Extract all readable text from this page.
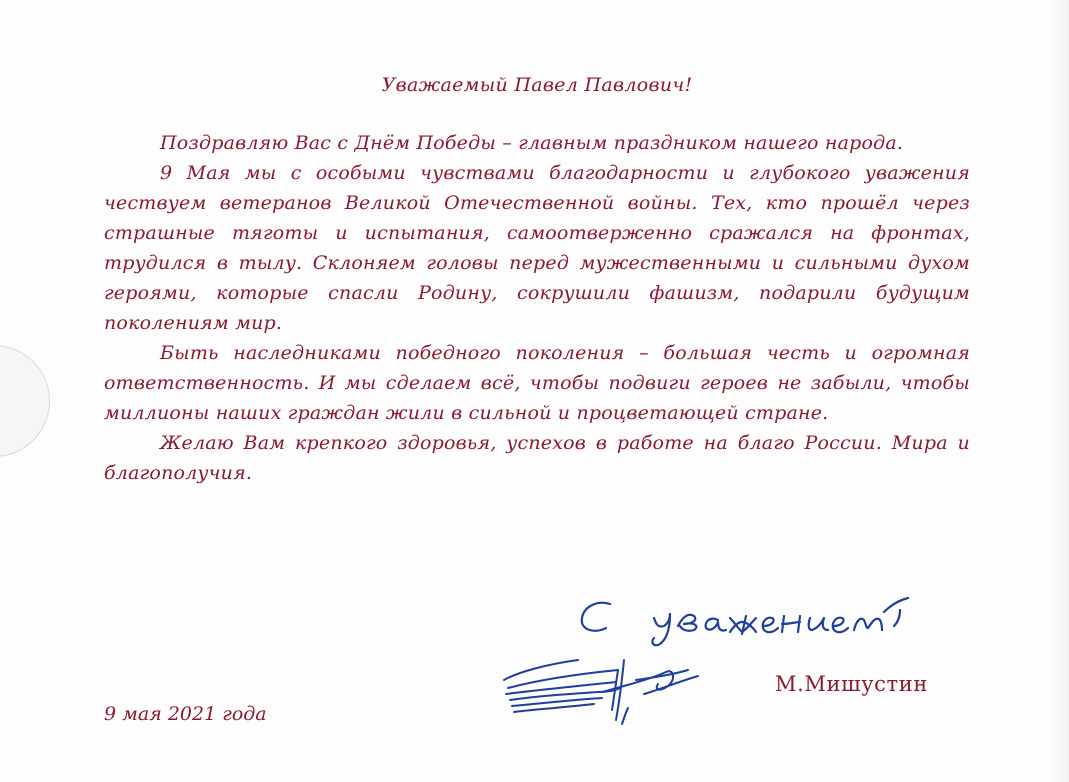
Уважаемый Павел Павлович!

Поздравляю Вас с Днём Победы – главным праздником нашего народа.

9 Мая мы с особыми чувствами благодарности и глубокого уважения чествуем ветеранов Великой Отечественной войны. Тех, кто прошёл через страшные тяготы и испытания, самоотверженно сражался на фронтах, трудился в тылу. Склоняем головы перед мужественными и сильными духом героями, которые спасли Родину, сокрушили фашизм, подарили будущим поколениям мир.

Быть наследниками победного поколения – большая честь и огромная ответственность. И мы сделаем всё, чтобы подвиги героев не забыли, чтобы миллионы наших граждан жили в сильной и процветающей стране.

Желаю Вам крепкого здоровья, успехов в работе на благо России. Мира и благополучия.

М.Мишустин
9 мая 2021 года
